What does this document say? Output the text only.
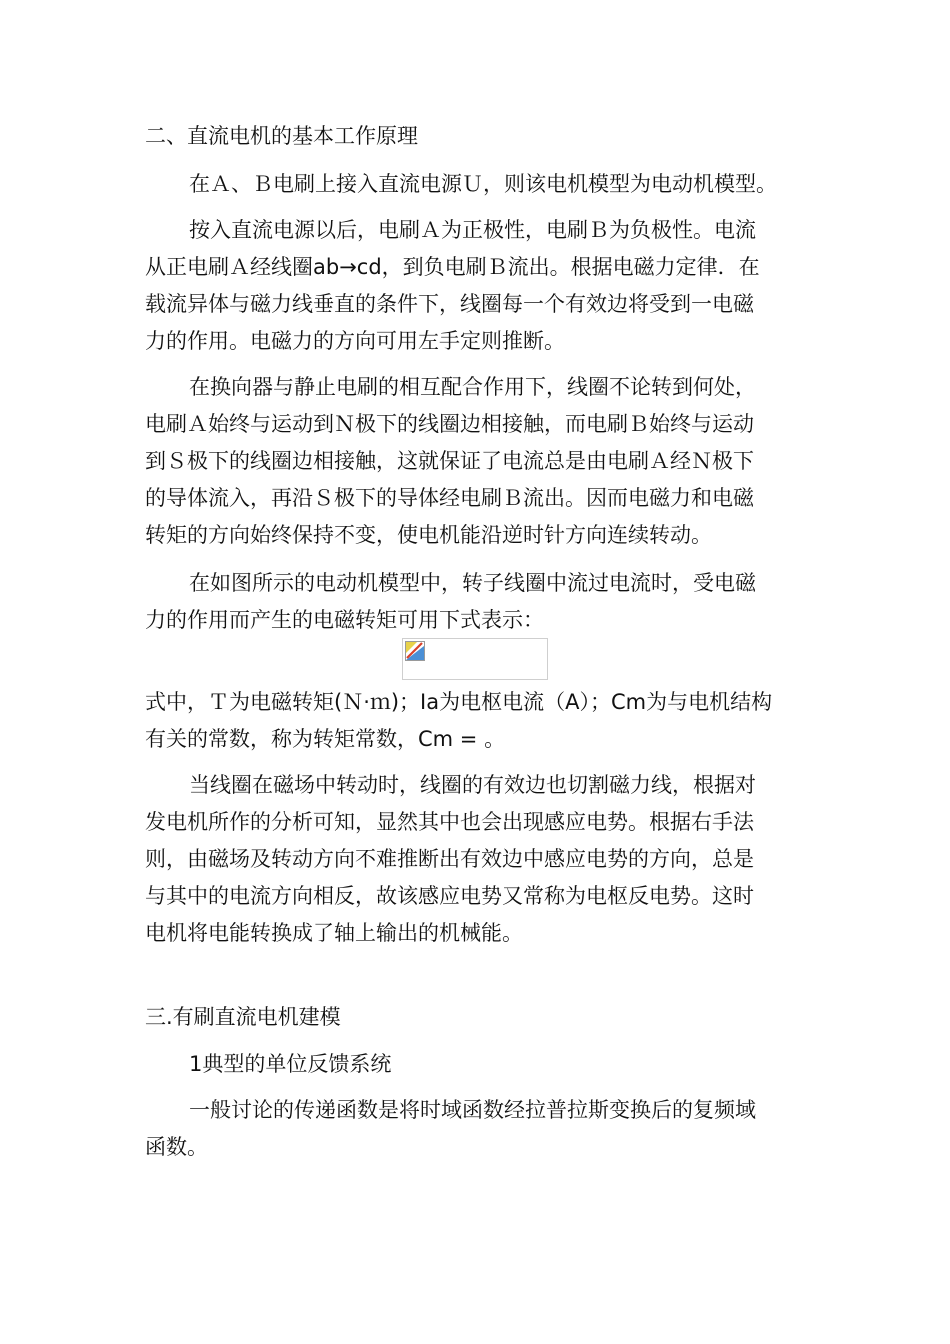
二、直流电机的基本工作原理
在Ａ、Ｂ电刷上接入直流电源Ｕ，则该电机模型为电动机模型。
按入直流电源以后，电刷Ａ为正极性，电刷Ｂ为负极性。电流
从正电刷Ａ经线圈ab→cd，到负电刷Ｂ流出。根据电磁力定律．在
载流异体与磁力线垂直的条件下，线圈每一个有效边将受到一电磁
力的作用。电磁力的方向可用左手定则推断。
在换向器与静止电刷的相互配合作用下，线圈不论转到何处，
电刷Ａ始终与运动到Ｎ极下的线圈边相接触，而电刷Ｂ始终与运动
到Ｓ极下的线圈边相接触，这就保证了电流总是由电刷Ａ经Ｎ极下
的导体流入，再沿Ｓ极下的导体经电刷Ｂ流出。因而电磁力和电磁
转矩的方向始终保持不变，使电机能沿逆时针方向连续转动。
在如图所示的电动机模型中，转子线圈中流过电流时，受电磁
力的作用而产生的电磁转矩可用下式表示：
式中，Ｔ为电磁转矩(Ｎ·ｍ)；Ia为电枢电流（A）；Cm为与电机结构
有关的常数，称为转矩常数，Cm = 。
当线圈在磁场中转动时，线圈的有效边也切割磁力线，根据对
发电机所作的分析可知，显然其中也会出现感应电势。根据右手法
则，由磁场及转动方向不难推断出有效边中感应电势的方向，总是
与其中的电流方向相反，故该感应电势又常称为电枢反电势。这时
电机将电能转换成了轴上输出的机械能。
三.有刷直流电机建模
1典型的单位反馈系统
一般讨论的传递函数是将时域函数经拉普拉斯变换后的复频域
函数。
